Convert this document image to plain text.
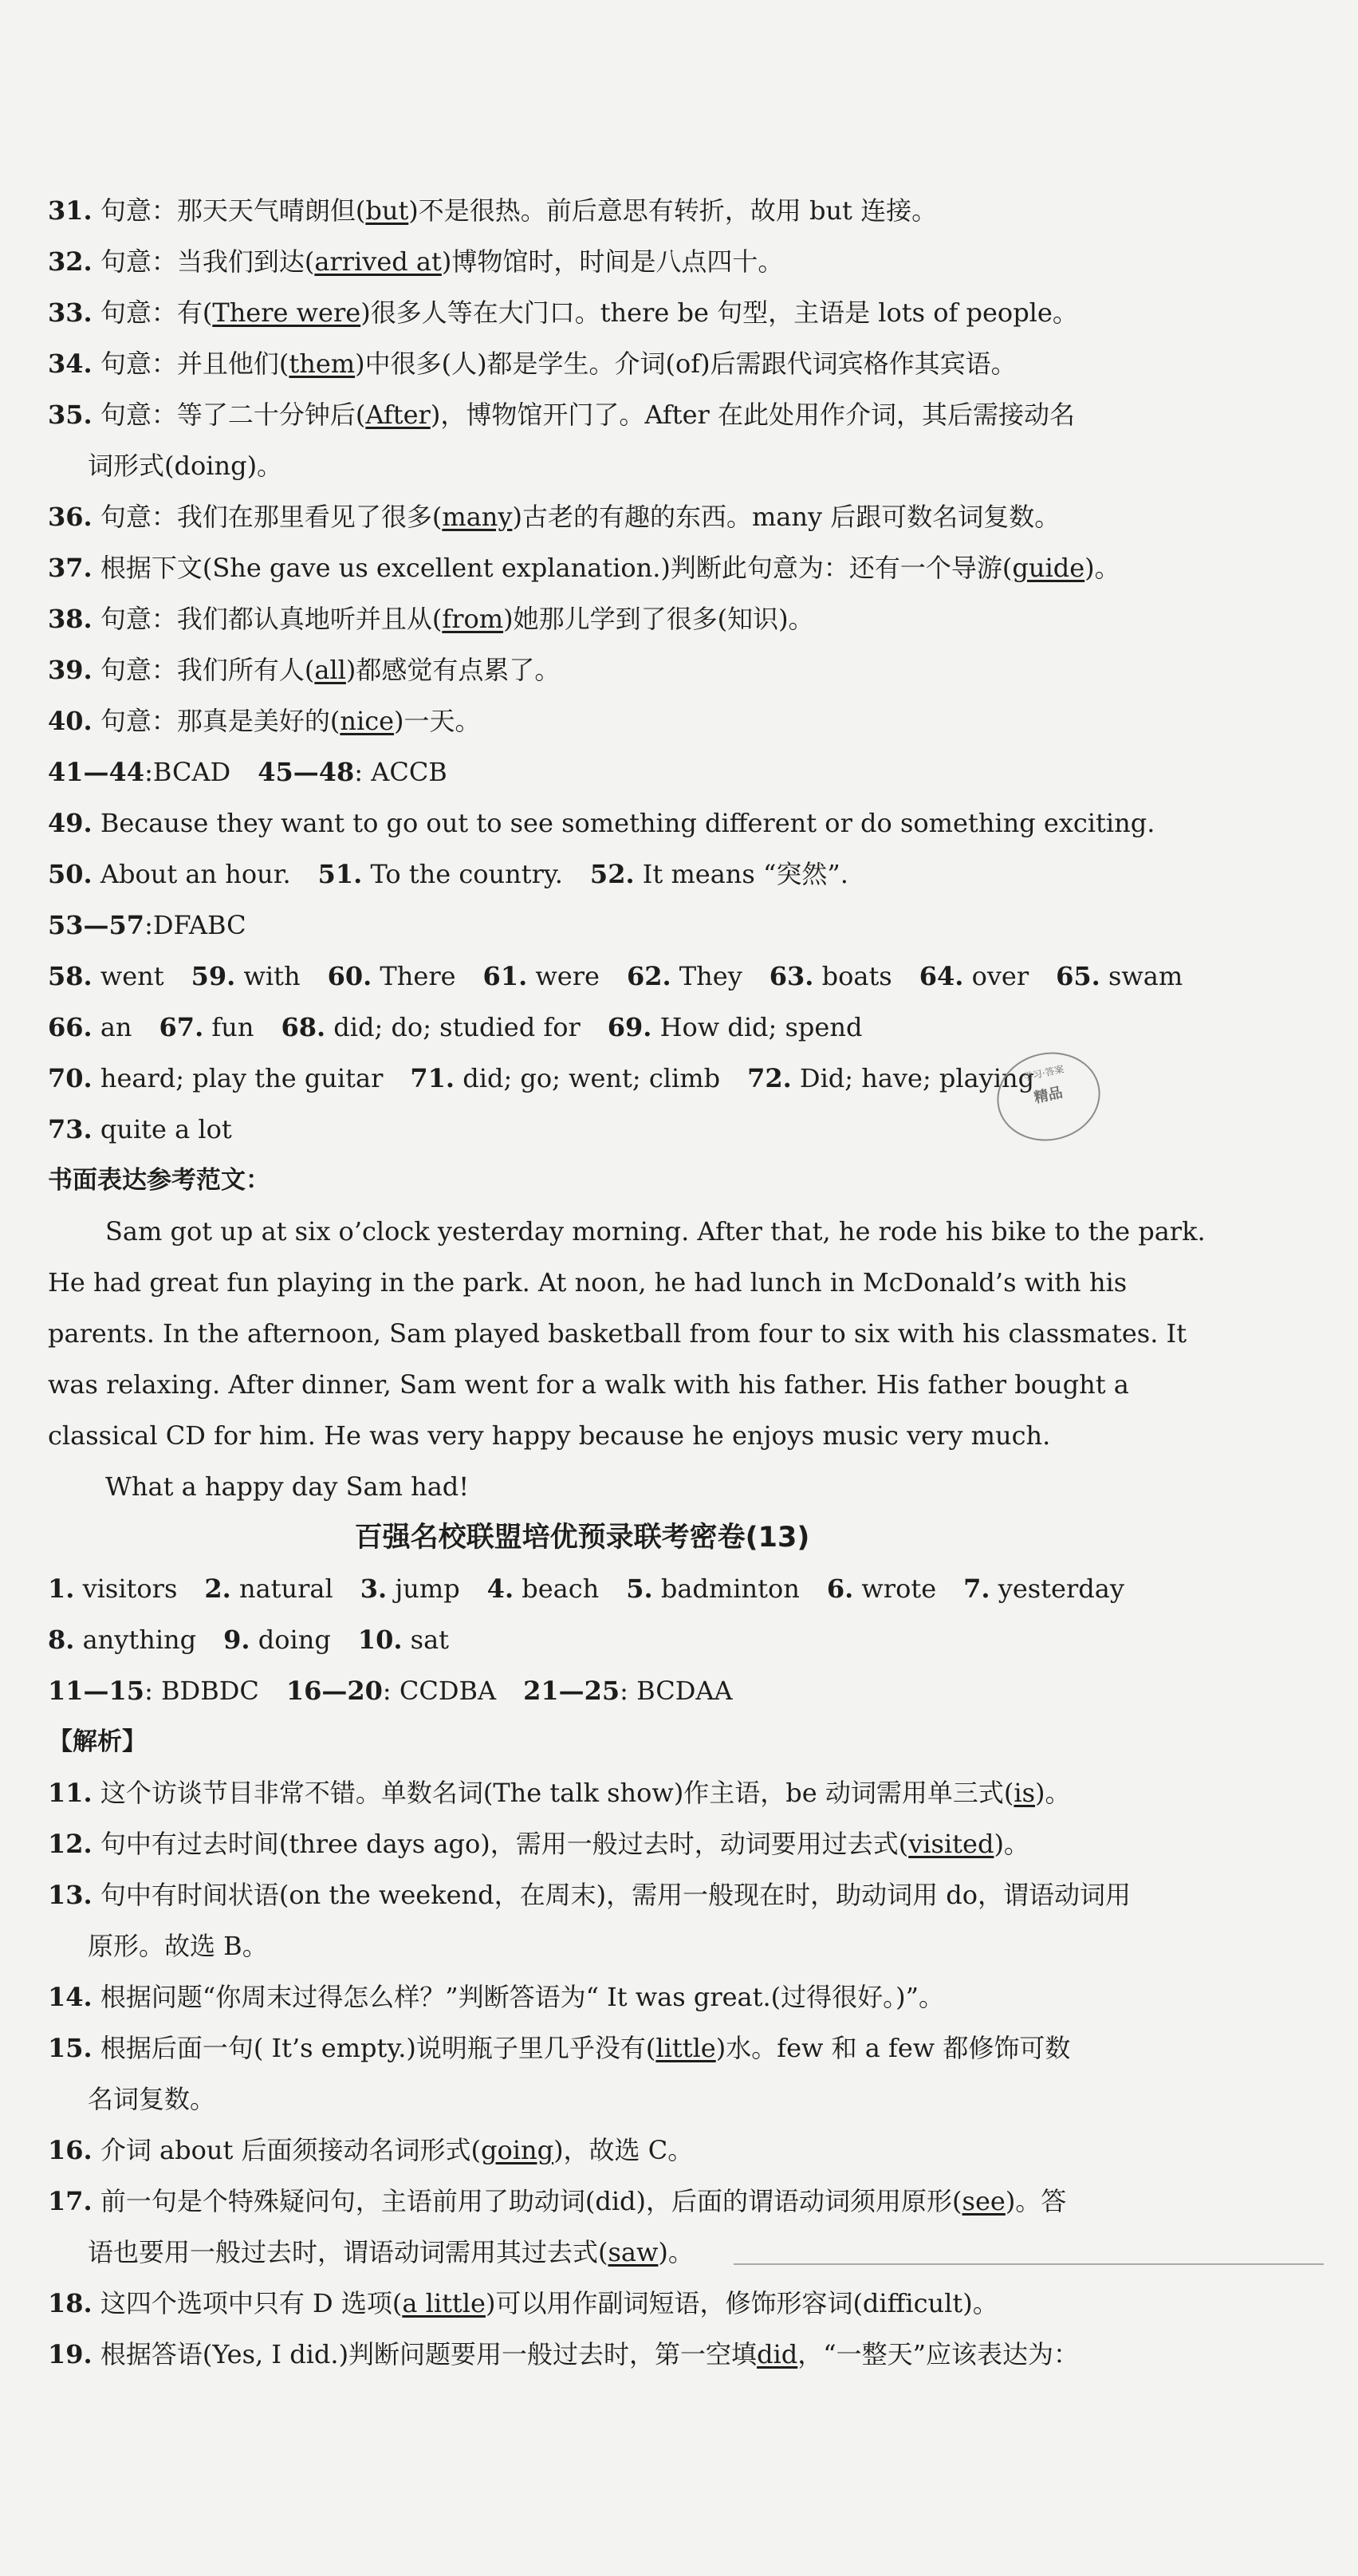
31. 句意：那天天气晴朗但(but)不是很热。前后意思有转折，故用 but 连接。
32. 句意：当我们到达(arrived at)博物馆时，时间是八点四十。
33. 句意：有(There were)很多人等在大门口。there be 句型，主语是 lots of people。
34. 句意：并且他们(them)中很多(人)都是学生。介词(of)后需跟代词宾格作其宾语。
35. 句意：等了二十分钟后(After)，博物馆开门了。After 在此处用作介词，其后需接动名
词形式(doing)。
36. 句意：我们在那里看见了很多(many)古老的有趣的东西。many 后跟可数名词复数。
37. 根据下文(She gave us excellent explanation.)判断此句意为：还有一个导游(guide)。
38. 句意：我们都认真地听并且从(from)她那儿学到了很多(知识)。
39. 句意：我们所有人(all)都感觉有点累了。
40. 句意：那真是美好的(nice)一天。
41—44:BCAD 45—48: ACCB
49. Because they want to go out to see something different or do something exciting.
50. About an hour. 51. To the country. 52. It means “突然”.
53—57:DFABC
58. went 59. with 60. There 61. were 62. They 63. boats 64. over 65. swam
66. an 67. fun 68. did; do; studied for 69. How did; spend
70. heard; play the guitar 71. did; go; went; climb 72. Did; have; playing
73. quite a lot
书面表达参考范文：
Sam got up at six o’clock yesterday morning. After that, he rode his bike to the park.
He had great fun playing in the park. At noon, he had lunch in McDonald’s with his
parents. In the afternoon, Sam played basketball from four to six with his classmates. It
was relaxing. After dinner, Sam went for a walk with his father. His father bought a
classical CD for him. He was very happy because he enjoys music very much.
What a happy day Sam had!
百强名校联盟培优预录联考密卷(13)
1. visitors 2. natural 3. jump 4. beach 5. badminton 6. wrote 7. yesterday
8. anything 9. doing 10. sat
11—15: BDBDC 16—20: CCDBA 21—25: BCDAA
【解析】
11. 这个访谈节目非常不错。单数名词(The talk show)作主语，be 动词需用单三式(is)。
12. 句中有过去时间(three days ago)，需用一般过去时，动词要用过去式(visited)。
13. 句中有时间状语(on the weekend，在周末)，需用一般现在时，助动词用 do，谓语动词用
原形。故选 B。
14. 根据问题“你周末过得怎么样？”判断答语为“ It was great.(过得很好。)”。
15. 根据后面一句( It’s empty.)说明瓶子里几乎没有(little)水。few 和 a few 都修饰可数
名词复数。
16. 介词 about 后面须接动名词形式(going)，故选 C。
17. 前一句是个特殊疑问句，主语前用了助动词(did)，后面的谓语动词须用原形(see)。答
语也要用一般过去时，谓语动词需用其过去式(saw)。
18. 这四个选项中只有 D 选项(a little)可以用作副词短语，修饰形容词(difficult)。
19. 根据答语(Yes, I did.)判断问题要用一般过去时，第一空填did，“一整天”应该表达为：
学习·答案
精品
